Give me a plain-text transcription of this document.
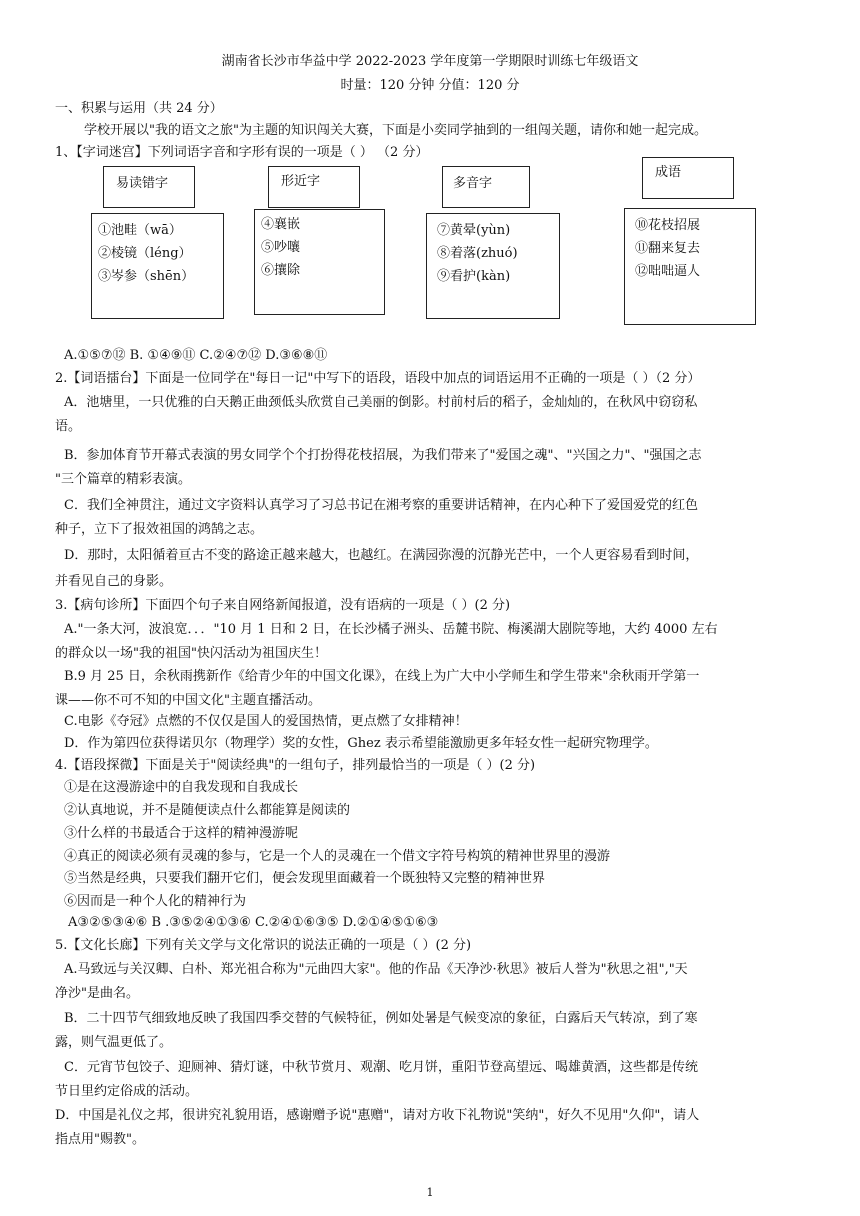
湖南省长沙市华益中学 2022-2023 学年度第一学期限时训练七年级语文
时量：120 分钟 分值：120 分
一、积累与运用（共 24 分）
学校开展以"我的语文之旅"为主题的知识闯关大赛，下面是小奕同学抽到的一组闯关题，请你和她一起完成。
1、【字词迷宫】下列词语字音和字形有误的一项是（ ） （2 分）
易读错字	形近字	多音字
成语
①池畦（wā）
②棱镜（léng）
③岑参（shēn）
④襄嵌
⑤吵嚷
⑥攘除
⑦黄晕(yùn)
⑧着落(zhuó)
⑨看护(kàn)
⑩花枝招展
⑪翻来复去
⑫咄咄逼人
A.①⑤⑦⑫ B. ①④⑨⑪ C.②④⑦⑫ D.③⑥⑧⑪
2.【词语擂台】下面是一位同学在"每日一记"中写下的语段，语段中加点的词语运用不正确的一项是（ ）（2 分）
A．池塘里，一只优雅的白天鹅正曲颈低头欣赏自己美丽的倒影。村前村后的稻子，金灿灿的，在秋风中窃窃私
语。
B．参加体育节开幕式表演的男女同学个个打扮得花枝招展，为我们带来了"爱国之魂"、"兴国之力"、"强国之志
"三个篇章的精彩表演。
C．我们全神贯注，通过文字资料认真学习了习总书记在湘考察的重要讲话精神，在内心种下了爱国爱党的红色
种子，立下了报效祖国的鸿鹄之志。
D．那时，太阳循着亘古不变的路途正越来越大，也越红。在满园弥漫的沉静光芒中，一个人更容易看到时间，
并看见自己的身影。
3.【病句诊所】下面四个句子来自网络新闻报道，没有语病的一项是（ ）(2 分)
A."一条大河，波浪宽．．．"10 月 1 日和 2 日，在长沙橘子洲头、岳麓书院、梅溪湖大剧院等地，大约 4000 左右
的群众以一场"我的祖国"快闪活动为祖国庆生！
B.9 月 25 日，余秋雨携新作《给青少年的中国文化课》，在线上为广大中小学师生和学生带来"余秋雨开学第一
课——你不可不知的中国文化"主题直播活动。
C.电影《夺冠》点燃的不仅仅是国人的爱国热情，更点燃了女排精神！
D．作为第四位获得诺贝尔（物理学）奖的女性，Ghez 表示希望能激励更多年轻女性一起研究物理学。
4.【语段探微】下面是关于"阅读经典"的一组句子，排列最恰当的一项是（ ）(2 分)
①是在这漫游途中的自我发现和自我成长
②认真地说，并不是随便读点什么都能算是阅读的
③什么样的书最适合于这样的精神漫游呢
④真正的阅读必须有灵魂的参与，它是一个人的灵魂在一个借文字符号构筑的精神世界里的漫游
⑤当然是经典，只要我们翻开它们，便会发现里面藏着一个既独特又完整的精神世界
⑥因而是一种个人化的精神行为
A③②⑤③④⑥ B .③⑤②④①③⑥ C.②④①⑥③⑤ D.②①④⑤①⑥③
5.【文化长廊】下列有关文学与文化常识的说法正确的一项是（ ）(2 分)
A.马致远与关汉卿、白朴、郑光祖合称为"元曲四大家"。他的作品《天净沙·秋思》被后人誉为"秋思之祖","天
净沙"是曲名。
B．二十四节气细致地反映了我国四季交替的气候特征，例如处暑是气候变凉的象征，白露后天气转凉，到了寒
露，则气温更低了。
C．元宵节包饺子、迎厕神、猜灯谜，中秋节赏月、观潮、吃月饼，重阳节登高望远、喝雄黄酒，这些都是传统
节日里约定俗成的活动。
D．中国是礼仪之邦，很讲究礼貌用语，感谢赠予说"惠赠"，请对方收下礼物说"笑纳"，好久不见用"久仰"，请人
指点用"赐教"。
1
